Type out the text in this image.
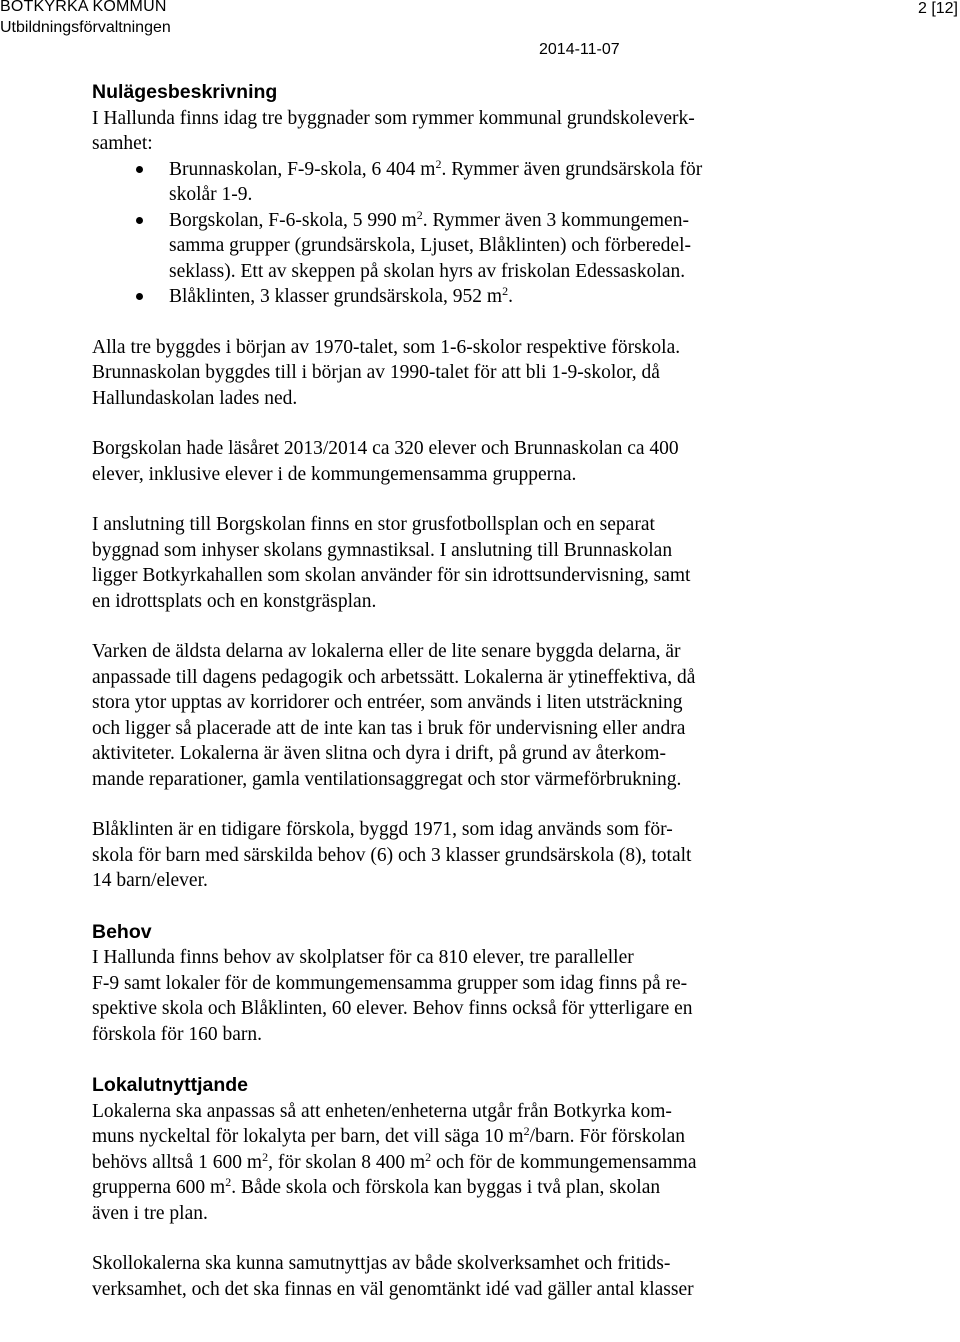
BOTKYRKA KOMMUN
Utbildningsförvaltningen
2 [12]
2014-11-07
Nulägesbeskrivning

I Hallunda finns idag tre byggnader som rymmer kommunal grundskoleverk-
samhet:

Brunnaskolan, F-9-skola, 6 404 $m^2$. Rymmer även grundsärskola för
skolår 1-9.
Borgskolan, F-6-skola, 5 990 $m^2$. Rymmer även 3 kommungemen-
samma grupper (grundsärskola, Ljuset, Blåklinten) och förberedel-
seklass). Ett av skeppen på skolan hyrs av friskolan Edessaskolan.
Blåklinten, 3 klasser grundsärskola, 952 $m^2$.

Alla tre byggdes i början av 1970-talet, som 1-6-skolor respektive förskola.
Brunnaskolan byggdes till i början av 1990-talet för att bli 1-9-skolor, då
Hallundaskolan lades ned.

Borgskolan hade läsåret 2013/2014 ca 320 elever och Brunnaskolan ca 400
elever, inklusive elever i de kommungemensamma grupperna.

I anslutning till Borgskolan finns en stor grusfotbollsplan och en separat
byggnad som inhyser skolans gymnastiksal. I anslutning till Brunnaskolan
ligger Botkyrkahallen som skolan använder för sin idrottsundervisning, samt
en idrottsplats och en konstgräsplan.

Varken de äldsta delarna av lokalerna eller de lite senare byggda delarna, är
anpassade till dagens pedagogik och arbetssätt. Lokalerna är ytineffektiva, då
stora ytor upptas av korridorer och entréer, som används i liten utsträckning
och ligger så placerade att de inte kan tas i bruk för undervisning eller andra
aktiviteter. Lokalerna är även slitna och dyra i drift, på grund av återkom-
mande reparationer, gamla ventilationsaggregat och stor värmeförbrukning.

Blåklinten är en tidigare förskola, byggd 1971, som idag används som för-
skola för barn med särskilda behov (6) och 3 klasser grundsärskola (8), totalt
14 barn/elever.

Behov

I Hallunda finns behov av skolplatser för ca 810 elever, tre paralleller
F-9 samt lokaler för de kommungemensamma grupper som idag finns på re-
spektive skola och Blåklinten, 60 elever. Behov finns också för ytterligare en
förskola för 160 barn.

Lokalutnyttjande

Lokalerna ska anpassas så att enheten/enheterna utgår från Botkyrka kom-
muns nyckeltal för lokalyta per barn, det vill säga 10 $m^2$/barn. För förskolan
behövs alltså 1 600 $m^2$, för skolan 8 400 $m^2$ och för de kommungemensamma
grupperna 600 $m^2$. Både skola och förskola kan byggas i två plan, skolan
även i tre plan.

Skollokalerna ska kunna samutnyttjas av både skolverksamhet och fritids-
verksamhet, och det ska finnas en väl genomtänkt idé vad gäller antal klasser
